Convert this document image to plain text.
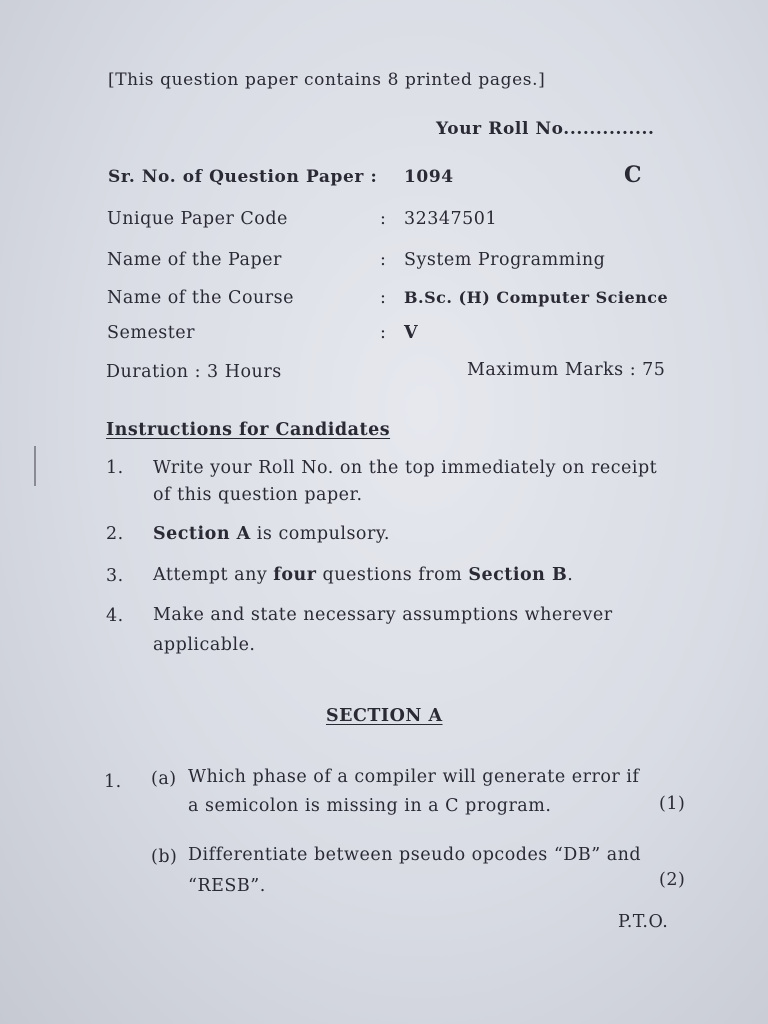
[This question paper contains 8 printed pages.]
Your Roll No..............
Sr. No. of Question Paper : 1094	C
Unique Paper Code	: 32347501
Name of the Paper	: System Programming
Name of the Course	: B.Sc. (H) Computer Science
Semester	: V
Duration : 3 Hours	Maximum Marks : 75
Instructions for Candidates
1. Write your Roll No. on the top immediately on receipt
of this question paper.
2. Section A is compulsory.
3. Attempt any four questions from Section B.
4. Make and state necessary assumptions wherever
applicable.
SECTION A
1. (a) Which phase of a compiler will generate error if
a semicolon is missing in a C program.	(1)
(b) Differentiate between pseudo opcodes “DB” and
“RESB”.	(2)
P.T.O.
